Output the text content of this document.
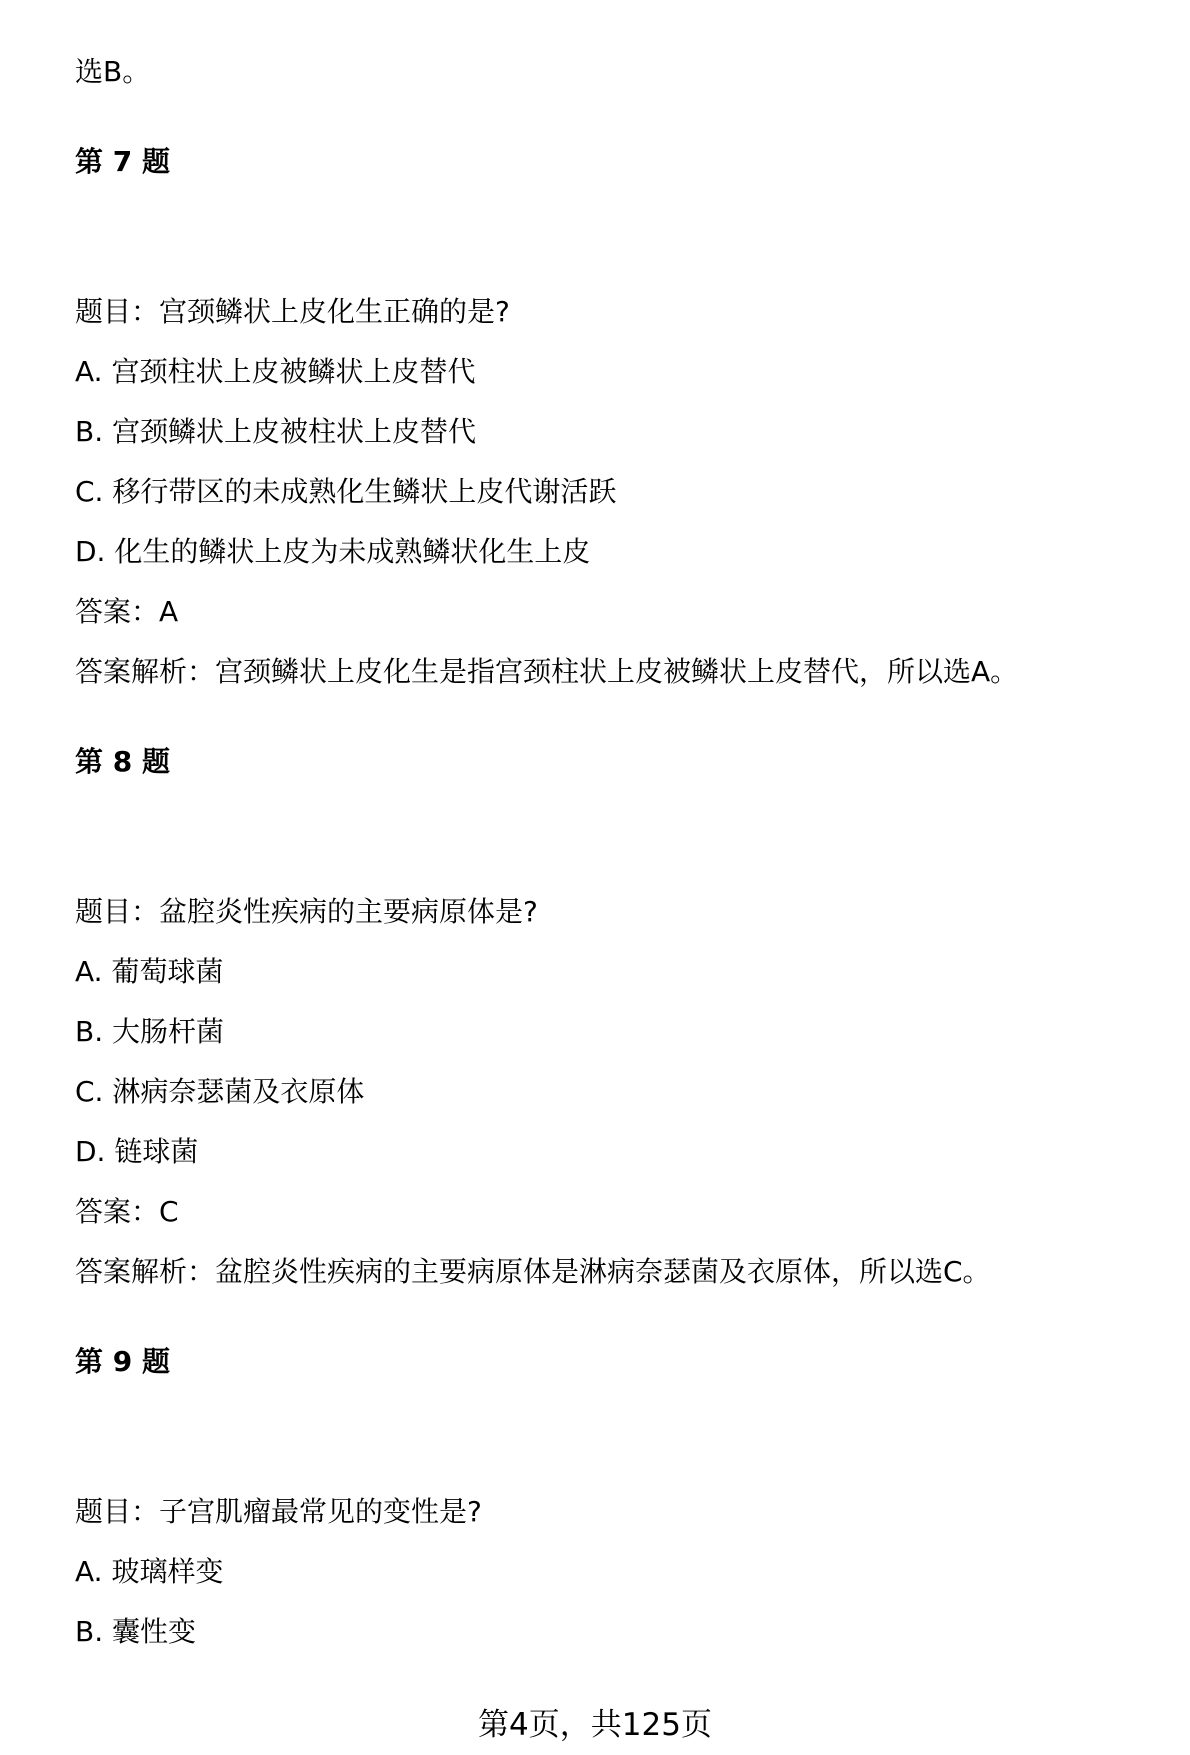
选B。
第 7 题
题目：宫颈鳞状上皮化生正确的是?
A. 宫颈柱状上皮被鳞状上皮替代
B. 宫颈鳞状上皮被柱状上皮替代
C. 移行带区的未成熟化生鳞状上皮代谢活跃
D. 化生的鳞状上皮为未成熟鳞状化生上皮
答案：A
答案解析：宫颈鳞状上皮化生是指宫颈柱状上皮被鳞状上皮替代，所以选A。
第 8 题
题目：盆腔炎性疾病的主要病原体是?
A. 葡萄球菌
B. 大肠杆菌
C. 淋病奈瑟菌及衣原体
D. 链球菌
答案：C
答案解析：盆腔炎性疾病的主要病原体是淋病奈瑟菌及衣原体，所以选C。
第 9 题
题目：子宫肌瘤最常见的变性是?
A. 玻璃样变
B. 囊性变
第4页，共125页
